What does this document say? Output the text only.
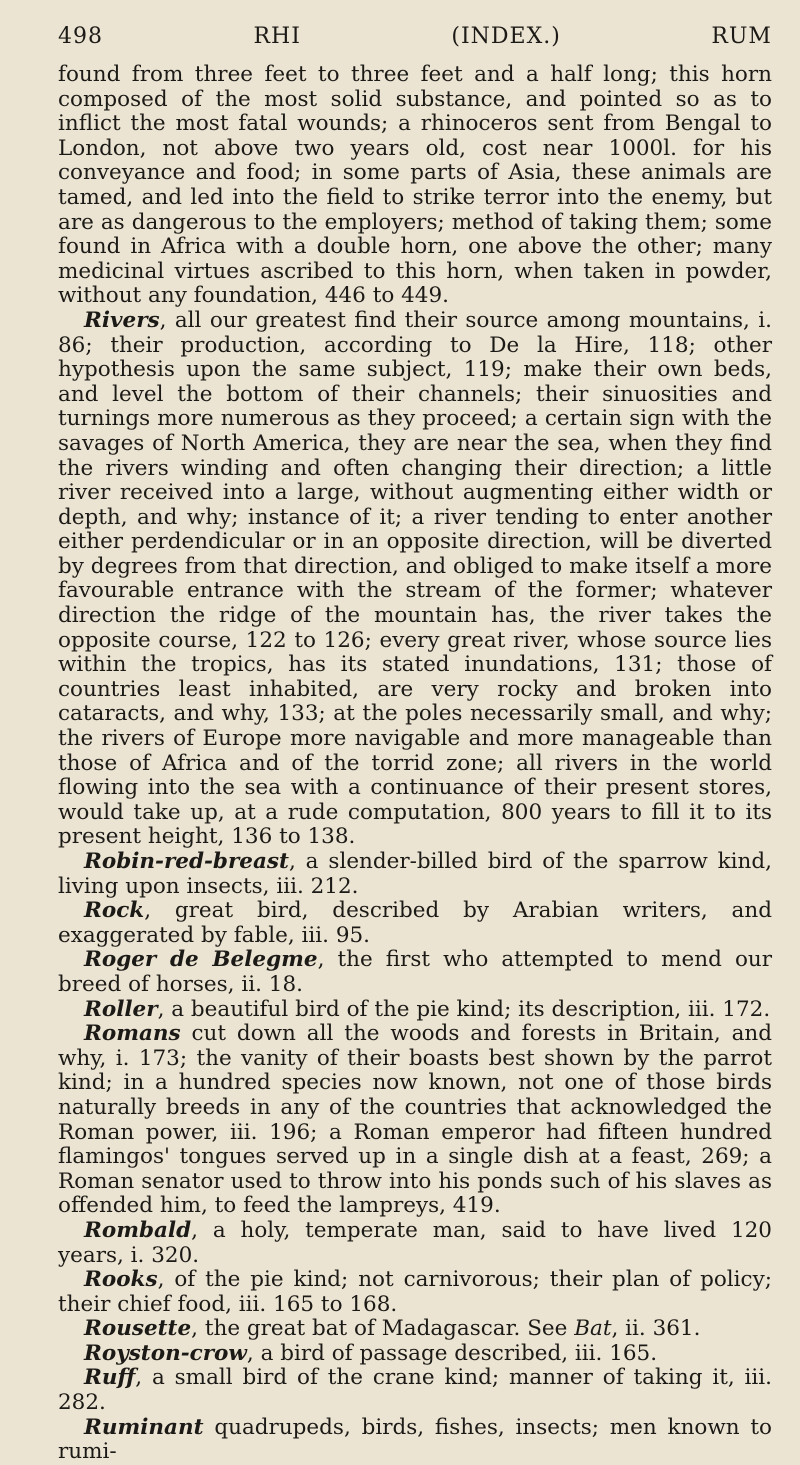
498	RHI	(INDEX.)	RUM

found from three feet to three feet and a half long; this horn composed of the most solid substance, and pointed so as to inflict the most fatal wounds; a rhinoceros sent from Bengal to London, not above two years old, cost near 1000l. for his conveyance and food; in some parts of Asia, these animals are tamed, and led into the field to strike terror into the enemy, but are as dangerous to the employers; method of taking them; some found in Africa with a double horn, one above the other; many medicinal virtues ascribed to this horn, when taken in powder, without any foundation, 446 to 449.

Rivers, all our greatest find their source among mountains, i. 86; their production, according to De la Hire, 118; other hypothesis upon the same subject, 119; make their own beds, and level the bottom of their channels; their sinuosities and turnings more numerous as they proceed; a certain sign with the savages of North America, they are near the sea, when they find the rivers winding and often changing their direction; a little river received into a large, without augmenting either width or depth, and why; instance of it; a river tending to enter another either perdendicular or in an opposite direction, will be diverted by degrees from that direction, and obliged to make itself a more favourable entrance with the stream of the former; whatever direction the ridge of the mountain has, the river takes the opposite course, 122 to 126; every great river, whose source lies within the tropics, has its stated inundations, 131; those of countries least inhabited, are very rocky and broken into cataracts, and why, 133; at the poles necessarily small, and why; the rivers of Europe more navigable and more manageable than those of Africa and of the torrid zone; all rivers in the world flowing into the sea with a continuance of their present stores, would take up, at a rude computation, 800 years to fill it to its present height, 136 to 138.

Robin-red-breast, a slender-billed bird of the sparrow kind, living upon insects, iii. 212.

Rock, great bird, described by Arabian writers, and exaggerated by fable, iii. 95.

Roger de Belegme, the first who attempted to mend our breed of horses, ii. 18.

Roller, a beautiful bird of the pie kind; its description, iii. 172.

Romans cut down all the woods and forests in Britain, and why, i. 173; the vanity of their boasts best shown by the parrot kind; in a hundred species now known, not one of those birds naturally breeds in any of the countries that acknowledged the Roman power, iii. 196; a Roman emperor had fifteen hundred flamingos' tongues served up in a single dish at a feast, 269; a Roman senator used to throw into his ponds such of his slaves as offended him, to feed the lampreys, 419.

Rombald, a holy, temperate man, said to have lived 120 years, i. 320.

Rooks, of the pie kind; not carnivorous; their plan of policy; their chief food, iii. 165 to 168.

Rousette, the great bat of Madagascar. See Bat, ii. 361.

Royston-crow, a bird of passage described, iii. 165.

Ruff, a small bird of the crane kind; manner of taking it, iii. 282.

Ruminant quadrupeds, birds, fishes, insects; men known to rumi-
